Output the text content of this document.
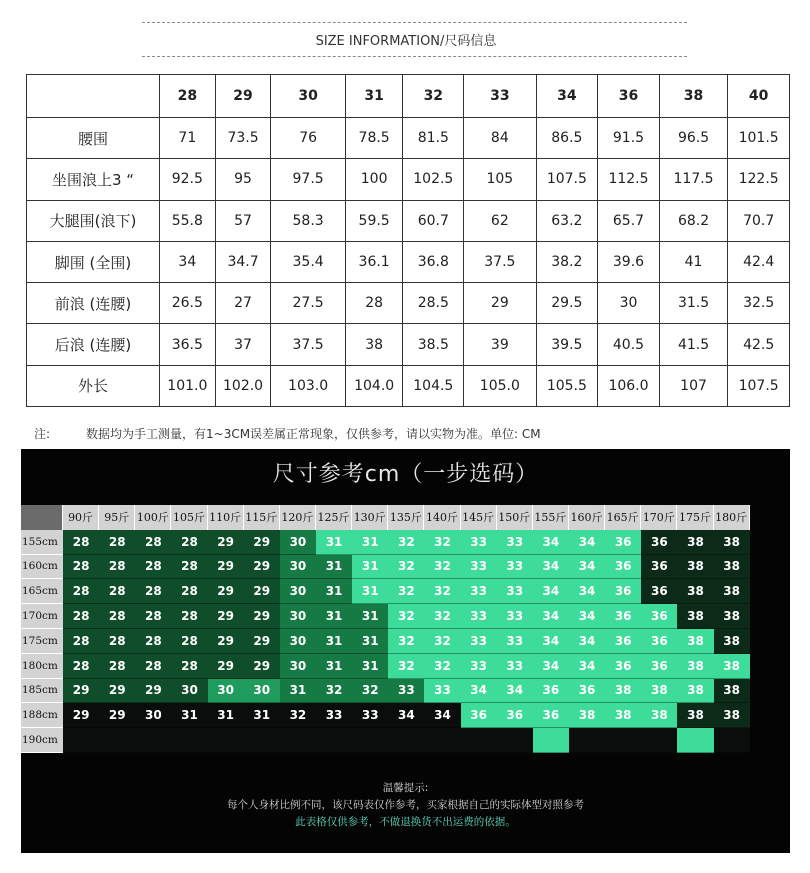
SIZE INFORMATION/尺码信息
	28	29	30	31	32	33	34	36	38	40
腰围	71	73.5	76	78.5	81.5	84	86.5	91.5	96.5	101.5
坐围浪上3 “	92.5	95	97.5	100	102.5	105	107.5	112.5	117.5	122.5
大腿围(浪下)	55.8	57	58.3	59.5	60.7	62	63.2	65.7	68.2	70.7
脚围 (全围)	34	34.7	35.4	36.1	36.8	37.5	38.2	39.6	41	42.4
前浪 (连腰)	26.5	27	27.5	28	28.5	29	29.5	30	31.5	32.5
后浪 (连腰)	36.5	37	37.5	38	38.5	39	39.5	40.5	41.5	42.5
外长	101.0	102.0	103.0	104.0	104.5	105.0	105.5	106.0	107	107.5
注:	数据均为手工测量，有1~3CM误差属正常现象，仅供参考，请以实物为准。单位: CM
尺寸参考cm（一步选码）
90斤	95斤 100斤 105斤 110斤 115斤 120斤 125斤 130斤 135斤 140斤 145斤 150斤 155斤 160斤 165斤 170斤 175斤 180斤
155cm	28	28	28	28	29	29	30	31	31	32	32	33	33	34	34	36	36	38	38
160cm	28	28	28	28	29	29	30	31	31	32	32	33	33	34	34	36	36	38	38
165cm	28	28	28	28	29	29	30	31	31	32	32	33	33	34	34	36	36	38	38
170cm	28	28	28	28	29	29	30	31	31	32	32	33	33	34	34	36	36	38	38
175cm	28	28	28	28	29	29	30	31	31	32	32	33	33	34	34	36	36	38	38
180cm	28	28	28	28	29	29	30	31	31	32	32	33	33	34	34	36	36	38	38
185cm	29	29	29	30	30	30	31	32	32	33	33	34	34	36	36	38	38	38	38
188cm	29	29	30	31	31	31	32	33	33	34	34	36	36	36	38	38	38	38	38
190cm
温馨提示:
每个人身材比例不同，该尺码表仅作参考，买家根据自己的实际体型对照参考
此表格仅供参考，不做退换货不出运费的依据。
